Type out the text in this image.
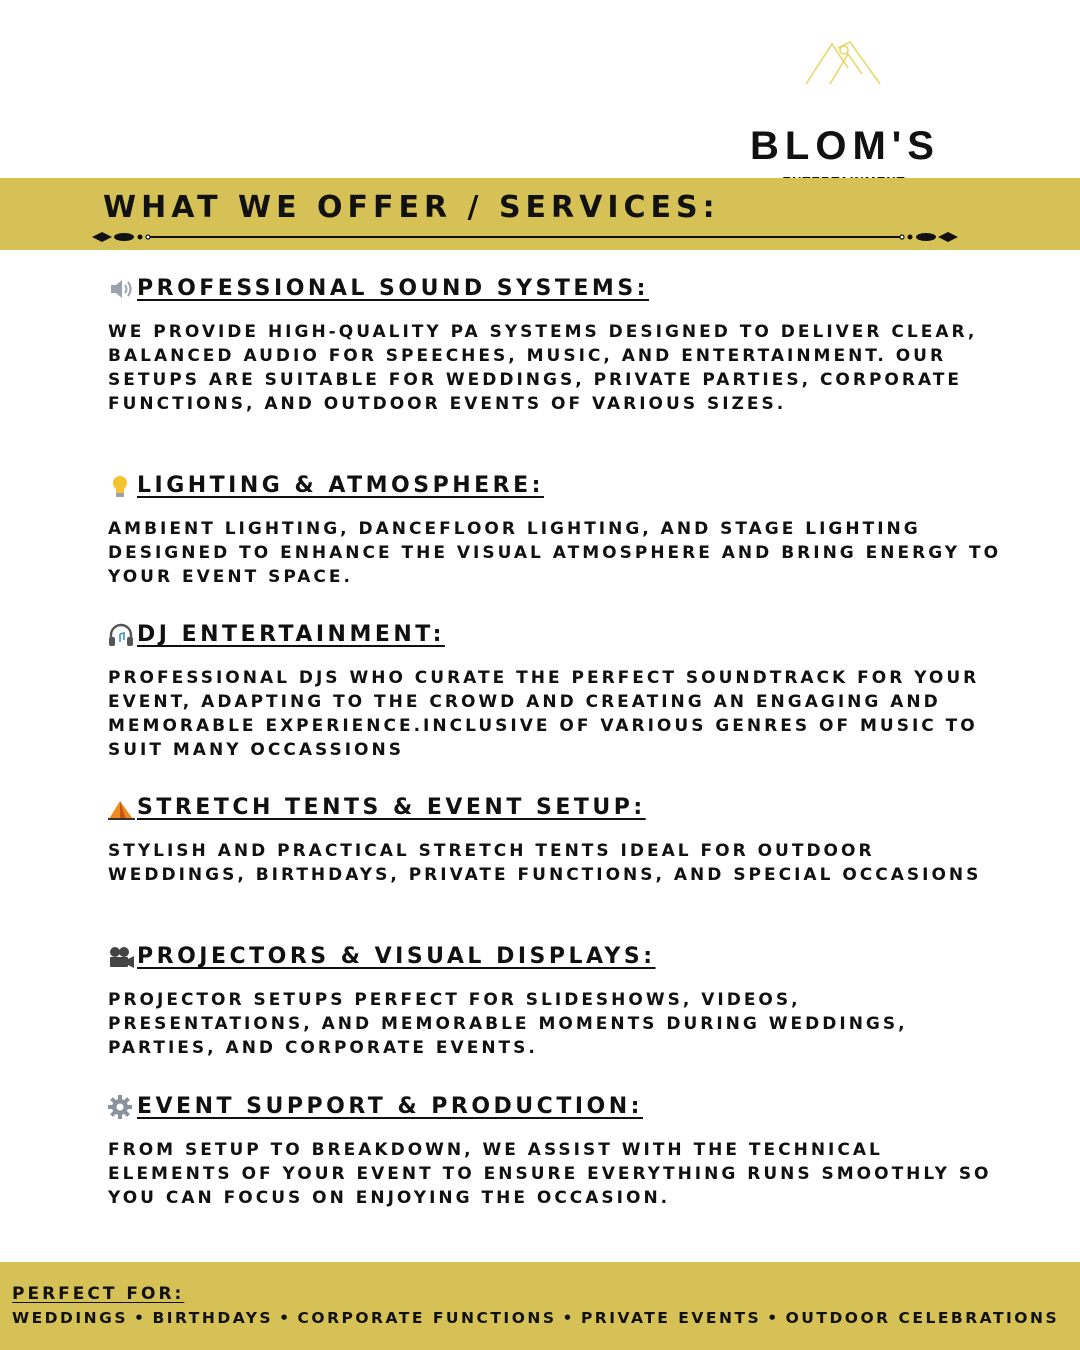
BLOM'S
WHAT WE OFFER / SERVICES:
PROFESSIONAL SOUND SYSTEMS:
WE PROVIDE HIGH-QUALITY PA SYSTEMS DESIGNED TO DELIVER CLEAR, BALANCED AUDIO FOR SPEECHES, MUSIC, AND ENTERTAINMENT. OUR SETUPS ARE SUITABLE FOR WEDDINGS, PRIVATE PARTIES, CORPORATE FUNCTIONS, AND OUTDOOR EVENTS OF VARIOUS SIZES.
LIGHTING & ATMOSPHERE:
AMBIENT LIGHTING, DANCEFLOOR LIGHTING, AND STAGE LIGHTING DESIGNED TO ENHANCE THE VISUAL ATMOSPHERE AND BRING ENERGY TO YOUR EVENT SPACE.
DJ ENTERTAINMENT:
PROFESSIONAL DJS WHO CURATE THE PERFECT SOUNDTRACK FOR YOUR EVENT, ADAPTING TO THE CROWD AND CREATING AN ENGAGING AND MEMORABLE EXPERIENCE.INCLUSIVE OF VARIOUS GENRES OF MUSIC TO SUIT MANY OCCASSIONS
STRETCH TENTS & EVENT SETUP:
STYLISH AND PRACTICAL STRETCH TENTS IDEAL FOR OUTDOOR WEDDINGS, BIRTHDAYS, PRIVATE FUNCTIONS, AND SPECIAL OCCASIONS
PROJECTORS & VISUAL DISPLAYS:
PROJECTOR SETUPS PERFECT FOR SLIDESHOWS, VIDEOS, PRESENTATIONS, AND MEMORABLE MOMENTS DURING WEDDINGS, PARTIES, AND CORPORATE EVENTS.
EVENT SUPPORT & PRODUCTION:
FROM SETUP TO BREAKDOWN, WE ASSIST WITH THE TECHNICAL ELEMENTS OF YOUR EVENT TO ENSURE EVERYTHING RUNS SMOOTHLY SO YOU CAN FOCUS ON ENJOYING THE OCCASION.
PERFECT FOR:
WEDDINGS • BIRTHDAYS • CORPORATE FUNCTIONS • PRIVATE EVENTS • OUTDOOR CELEBRATIONS
